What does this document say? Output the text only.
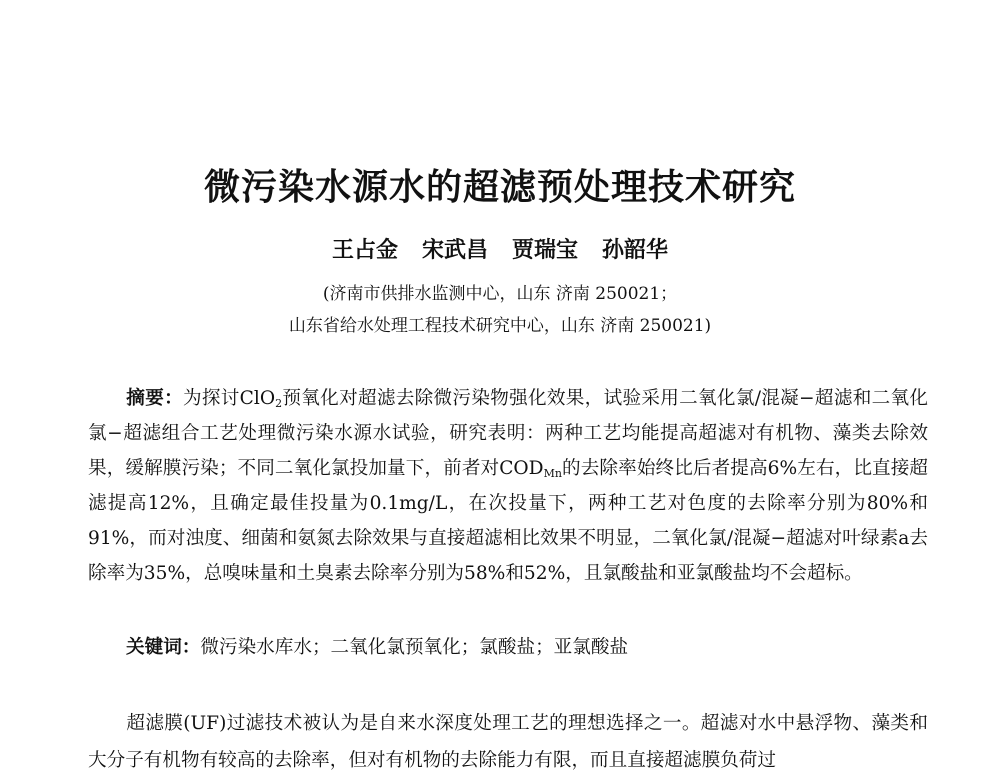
微污染水源水的超滤预处理技术研究
王占金 宋武昌 贾瑞宝 孙韶华
(济南市供排水监测中心，山东 济南 250021；
山东省给水处理工程技术研究中心，山东 济南 250021)
摘要：为探讨ClO$_2$预氧化对超滤去除微污染物强化效果，试验采用二氧化氯/混凝−超滤和二氧化氯−超滤组合工艺处理微污染水源水试验，研究表明：两种工艺均能提高超滤对有机物、藻类去除效果，缓解膜污染；不同二氧化氯投加量下，前者对$COD_{Mn}$的去除率始终比后者提高6%左右，比直接超滤提高12%，且确定最佳投量为0.1mg/L，在次投量下，两种工艺对色度的去除率分别为80%和91%，而对浊度、细菌和氨氮去除效果与直接超滤相比效果不明显，二氧化氯/混凝−超滤对叶绿素a去除率为35%，总嗅味量和土臭素去除率分别为58%和52%，且氯酸盐和亚氯酸盐均不会超标。
关键词：微污染水库水；二氧化氯预氧化；氯酸盐；亚氯酸盐
超滤膜(UF)过滤技术被认为是自来水深度处理工艺的理想选择之一。超滤对水中悬浮物、藻类和大分子有机物有较高的去除率，但对有机物的去除能力有限，而且直接超滤膜负荷过
